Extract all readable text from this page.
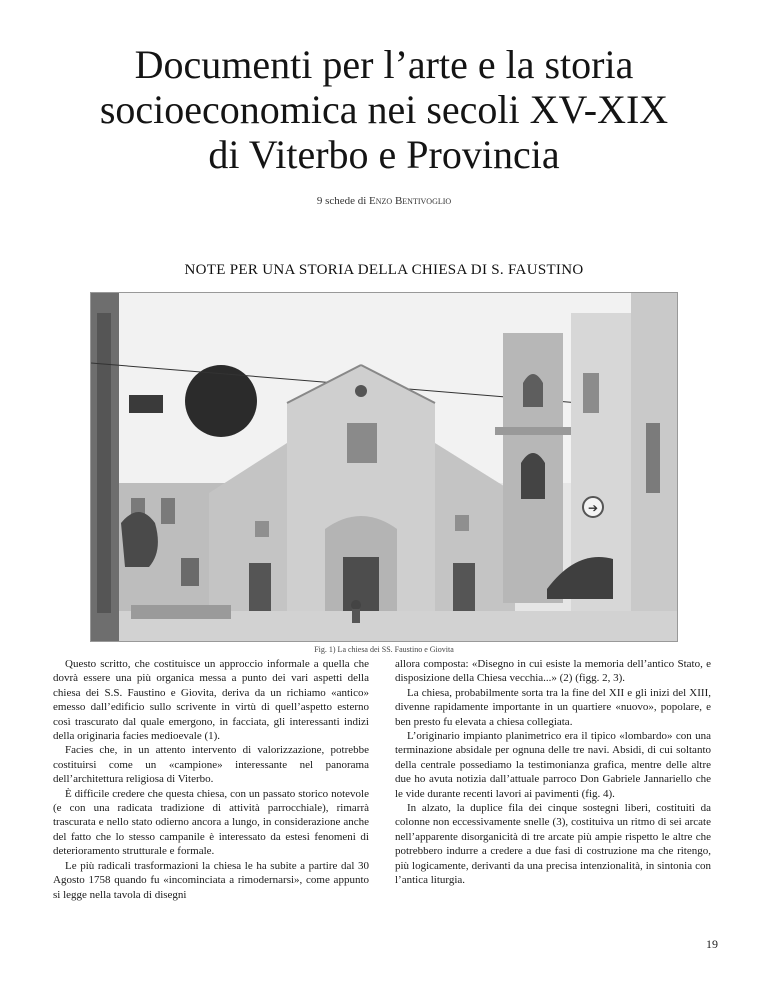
Documenti per l’arte e la storia
socioeconomica nei secoli XV-XIX
di Viterbo e Provincia
9 schede di Enzo Bentivoglio
NOTE PER UNA STORIA DELLA CHIESA DI S. FAUSTINO
➔
Fig. 1) La chiesa dei SS. Faustino e Giovita

Questo scritto, che costituisce un approccio informale a quella che dovrà essere una più organica messa a punto dei vari aspetti della chiesa dei S.S. Faustino e Giovita, deriva da un richiamo «antico» emesso dall’edificio sullo scrivente in virtù di quell’aspetto esterno così trascurato dal quale emergono, in facciata, gli interessanti indizi della originaria facies medioevale (1).

Facies che, in un attento intervento di valorizzazione, potrebbe costituirsi come un «campione» interessante nel panorama dell’architettura religiosa di Viterbo.

È difficile credere che questa chiesa, con un passato storico notevole (e con una radicata tradizione di attività parrocchiale), rimarrà trascurata e nello stato odierno ancora a lungo, in considerazione anche del fatto che lo stesso campanile è interessato da estesi fenomeni di deterioramento strutturale e formale.

Le più radicali trasformazioni la chiesa le ha subite a partire dal 30 Agosto 1758 quando fu «incominciata a rimodernarsi», come appunto si legge nella tavola di disegni

allora composta: «Disegno in cui esiste la memoria dell’antico Stato, e disposizione della Chiesa vecchia...» (2) (figg. 2, 3).

La chiesa, probabilmente sorta tra la fine del XII e gli inizi del XIII, divenne rapidamente importante in un quartiere «nuovo», popolare, e ben presto fu elevata a chiesa collegiata.

L’originario impianto planimetrico era il tipico «lombardo» con una terminazione absidale per ognuna delle tre navi. Absidi, di cui soltanto della centrale possediamo la testimonianza grafica, mentre delle altre due ho avuta notizia dall’attuale parroco Don Gabriele Jannariello che le vide durante recenti lavori ai pavimenti (fig. 4).

In alzato, la duplice fila dei cinque sostegni liberi, costituiti da colonne non eccessivamente snelle (3), costituiva un ritmo di sei arcate nell’apparente disorganicità di tre arcate più ampie rispetto le altre che potrebbero indurre a credere a due fasi di costruzione ma che ritengo, più logicamente, derivanti da una precisa intenzionalità, in sintonia con l’antica liturgia.

19
